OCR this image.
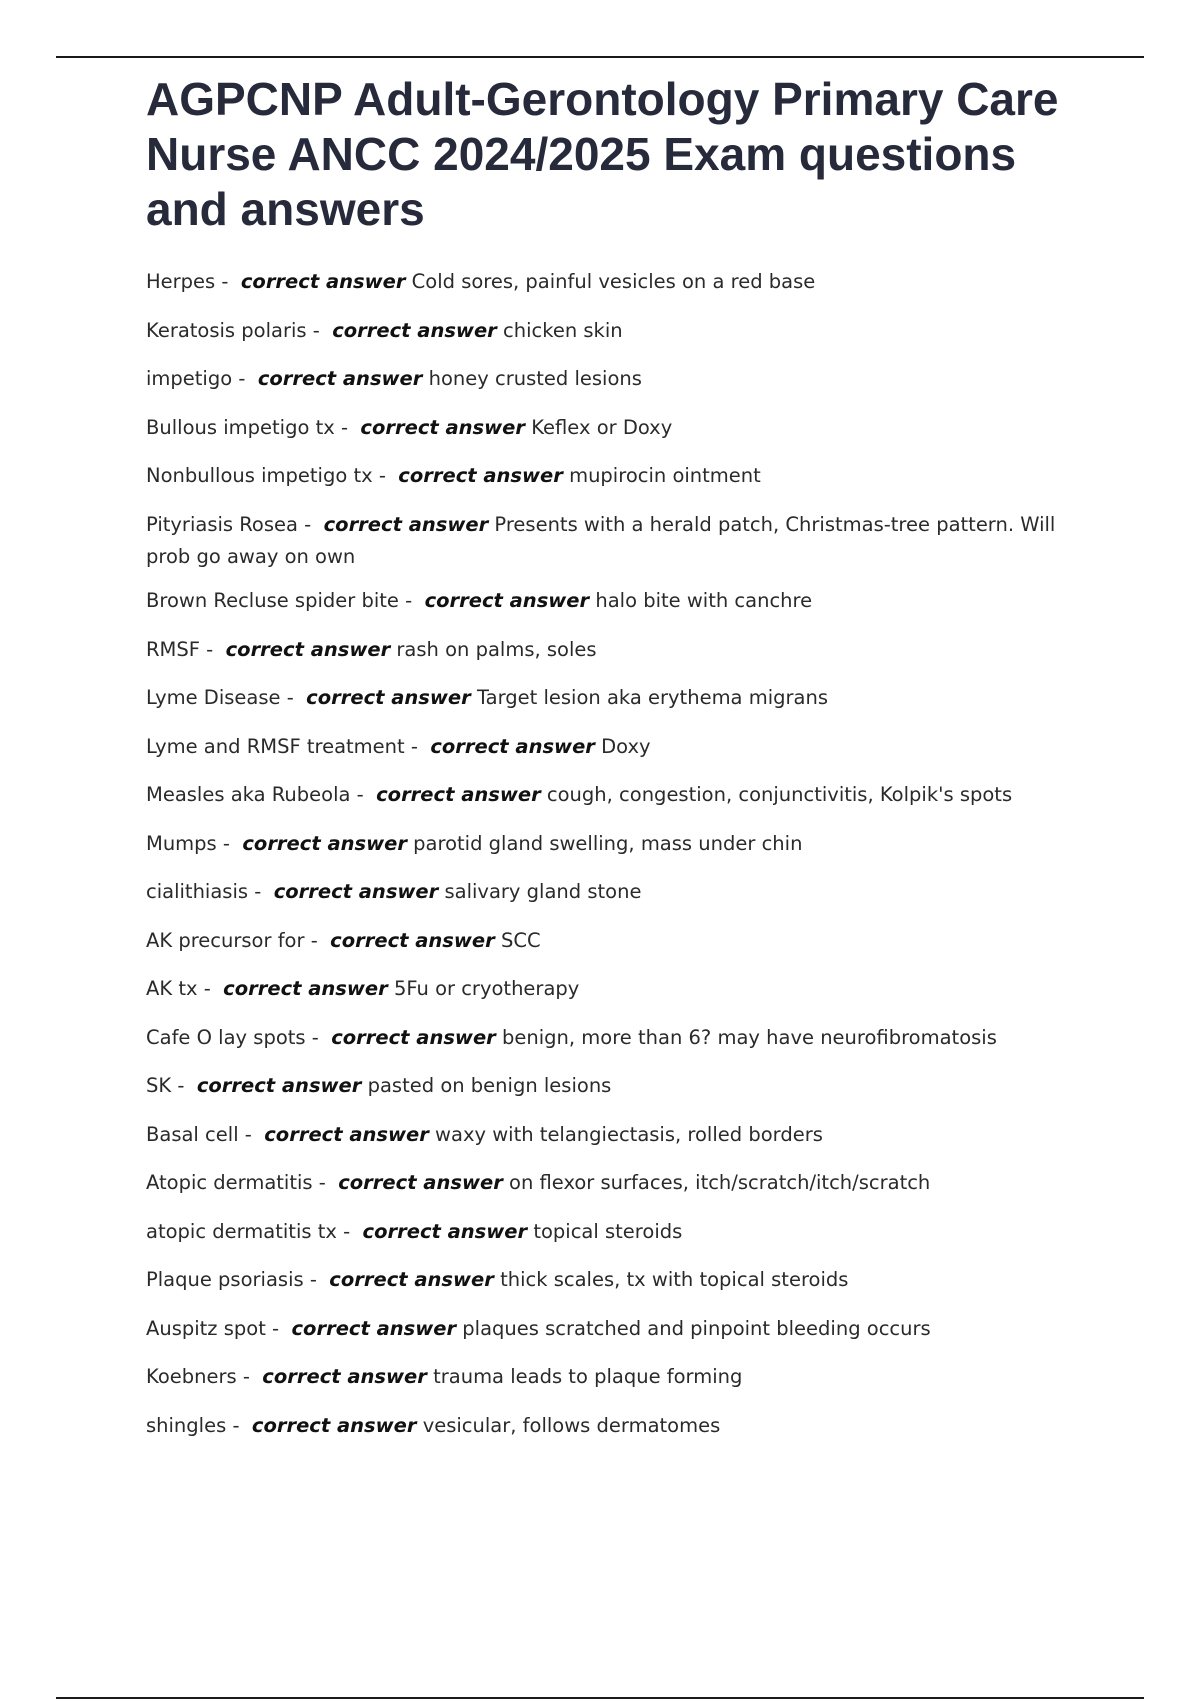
AGPCNP Adult-Gerontology Primary Care Nurse ANCC 2024/2025 Exam questions and answers
Herpes -  correct answer Cold sores, painful vesicles on a red base
Keratosis polaris -  correct answer chicken skin
impetigo -  correct answer honey crusted lesions
Bullous impetigo tx -  correct answer Keflex or Doxy
Nonbullous impetigo tx -  correct answer mupirocin ointment
Pityriasis Rosea -  correct answer Presents with a herald patch, Christmas-tree pattern. Will prob go away on own
Brown Recluse spider bite -  correct answer halo bite with canchre
RMSF -  correct answer rash on palms, soles
Lyme Disease -  correct answer Target lesion aka erythema migrans
Lyme and RMSF treatment -  correct answer Doxy
Measles aka Rubeola -  correct answer cough, congestion, conjunctivitis, Kolpik's spots
Mumps -  correct answer parotid gland swelling, mass under chin
cialithiasis -  correct answer salivary gland stone
AK precursor for -  correct answer SCC
AK tx -  correct answer 5Fu or cryotherapy
Cafe O lay spots -  correct answer benign, more than 6? may have neurofibromatosis
SK -  correct answer pasted on benign lesions
Basal cell -  correct answer waxy with telangiectasis, rolled borders
Atopic dermatitis -  correct answer on flexor surfaces, itch/scratch/itch/scratch
atopic dermatitis tx -  correct answer topical steroids
Plaque psoriasis -  correct answer thick scales, tx with topical steroids
Auspitz spot -  correct answer plaques scratched and pinpoint bleeding occurs
Koebners -  correct answer trauma leads to plaque forming
shingles -  correct answer vesicular, follows dermatomes
